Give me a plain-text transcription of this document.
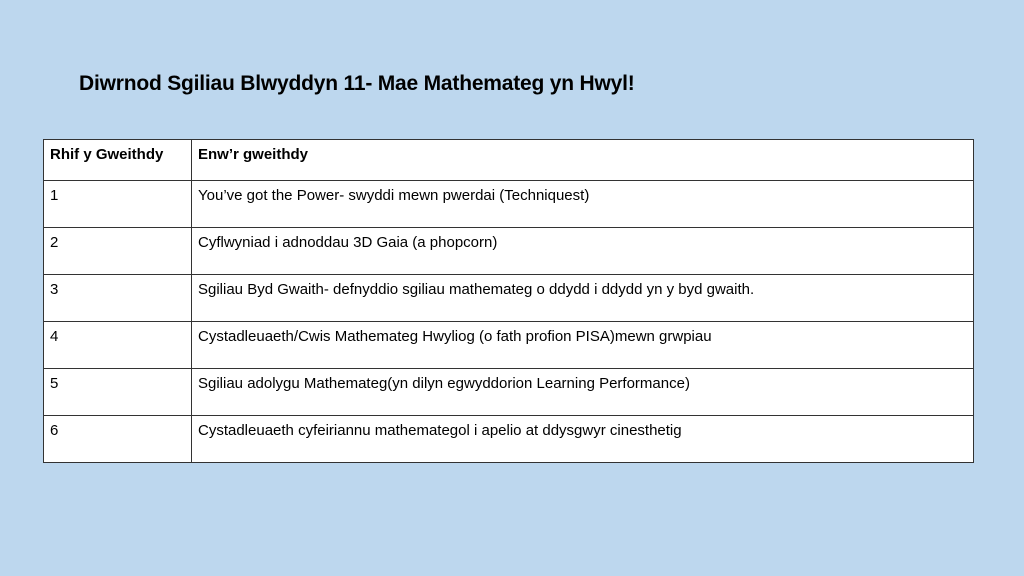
Diwrnod Sgiliau Blwyddyn 11- Mae Mathemateg yn Hwyl!
Rhif y Gweithdy	Enw’r gweithdy
1	You’ve got the Power- swyddi mewn pwerdai (Techniquest)
2	Cyflwyniad i adnoddau 3D Gaia (a phopcorn)
3	Sgiliau Byd Gwaith- defnyddio sgiliau mathemateg o ddydd i ddydd yn y byd gwaith.
4	Cystadleuaeth/Cwis Mathemateg Hwyliog (o fath profion PISA)mewn grwpiau
5	Sgiliau adolygu Mathemateg(yn dilyn egwyddorion Learning Performance)
6	Cystadleuaeth cyfeiriannu mathemategol i apelio at ddysgwyr cinesthetig
